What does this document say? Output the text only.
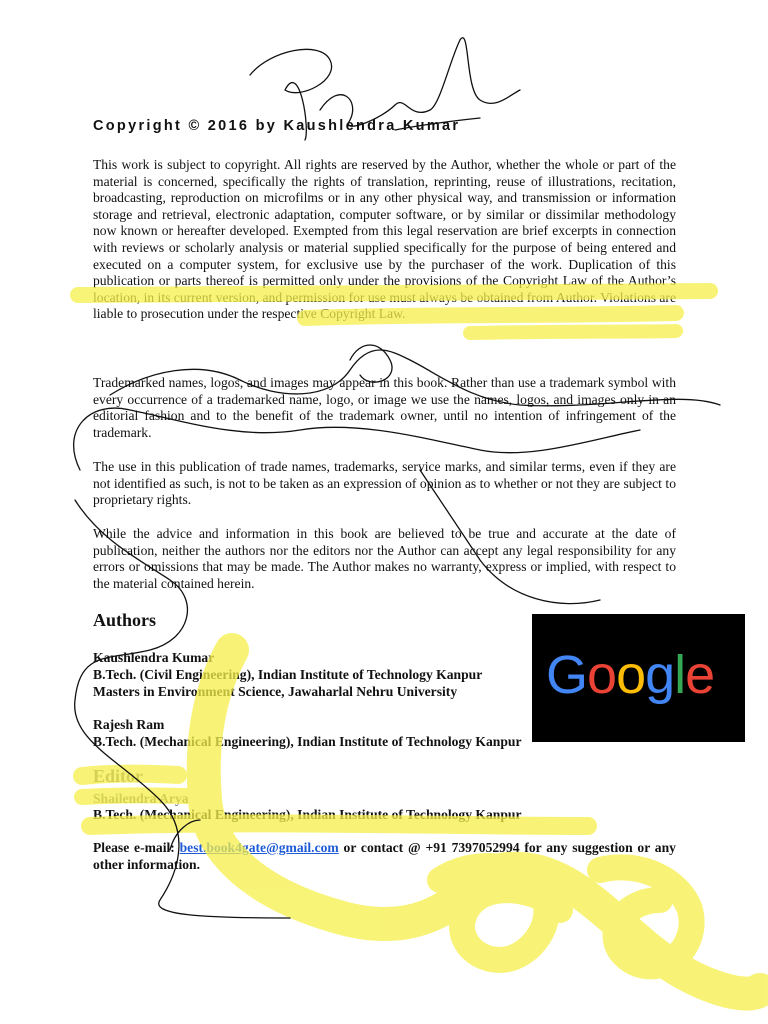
Copyright © 2016 by Kaushlendra Kumar

This work is subject to copyright. All rights are reserved by the Author, whether the whole or part of the material is concerned, specifically the rights of translation, reprinting, reuse of illustrations, recitation, broadcasting, reproduction on microfilms or in any other physical way, and transmission or information storage and retrieval, electronic adaptation, computer software, or by similar or dissimilar methodology now known or hereafter developed. Exempted from this legal reservation are brief excerpts in connection with reviews or scholarly analysis or material supplied specifically for the purpose of being entered and executed on a computer system, for exclusive use by the purchaser of the work. Duplication of this publication or parts thereof is permitted only under the provisions of the Copyright Law of the Author’s location, in its current version, and permission for use must always be obtained from Author. Violations are liable to prosecution under the respective Copyright Law.

Trademarked names, logos, and images may appear in this book. Rather than use a trademark symbol with every occurrence of a trademarked name, logo, or image we use the names, logos, and images only in an editorial fashion and to the benefit of the trademark owner, until no intention of infringement of the trademark.

The use in this publication of trade names, trademarks, service marks, and similar terms, even if they are not identified as such, is not to be taken as an expression of opinion as to whether or not they are subject to proprietary rights.

While the advice and information in this book are believed to be true and accurate at the date of publication, neither the authors nor the editors nor the Author can accept any legal responsibility for any errors or omissions that may be made. The Author makes no warranty, express or implied, with respect to the material contained herein.

Authors

Kaushlendra Kumar

B.Tech. (Civil Engineering), Indian Institute of Technology Kanpur

Masters in Environment Science, Jawaharlal Nehru University

Rajesh Ram

B.Tech. (Mechanical Engineering), Indian Institute of Technology Kanpur

Editor

Shailendra Arya

B.Tech. (Mechanical Engineering), Indian Institute of Technology Kanpur

Please e-mail: best.book4gate@gmail.com or contact @ +91 7397052994 for any suggestion or any other information.

Google
